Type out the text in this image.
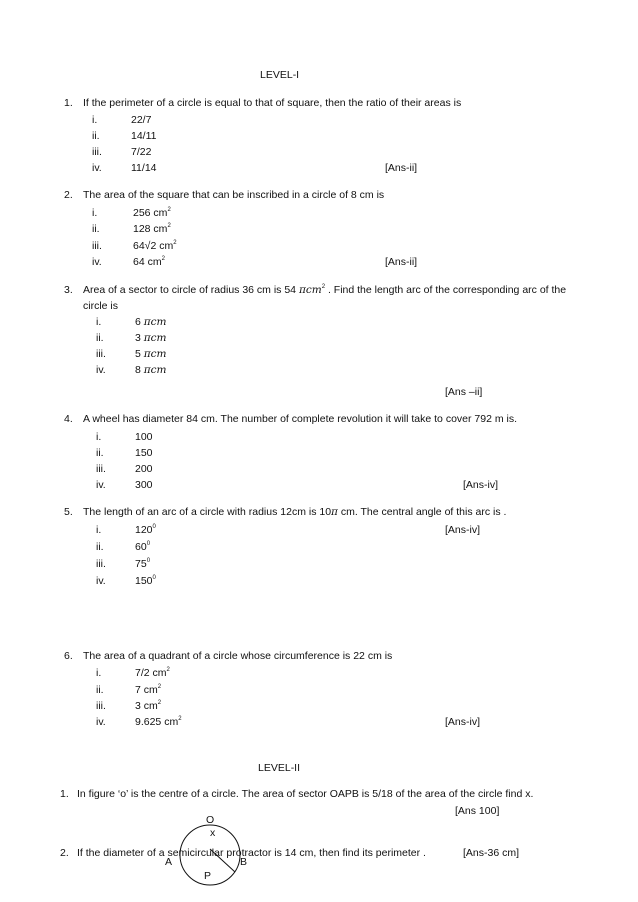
LEVEL-I
1. If the perimeter of a circle is equal to that of square, then the ratio of their areas is
i.	22/7
ii.	14/11
iii.	7/22
iv.	11/14	[Ans-ii]
2. The area of the square that can be inscribed in a circle of 8 cm is
i.	256 $cm^2$
ii.	128 $cm^2$
iii.	64√2 $cm^2$
iv.	64 $cm^2$	[Ans-ii]
3. Area of a sector to circle of radius 36 cm is 54 πcm$^2$ . Find the length arc of the corresponding arc of the
circle is
i.	6 πcm
ii.	3 πcm
iii.	5 πcm
iv.	8 πcm
[Ans –ii]
4. A wheel has diameter 84 cm. The number of complete revolution it will take to cover 792 m is.
i.	100
ii.	150
iii.	200
iv.	300	[Ans-iv]
5. The length of an arc of a circle with radius 12cm is 10π cm. The central angle of this arc is .
i.	$120^0$	[Ans-iv]
ii.	$60^0$
iii.	$75^0$
iv.	$150^0$
6. The area of a quadrant of a circle whose circumference is 22 cm is
i.	7/2 $cm^2$
ii.	7 $cm^2$
iii.	3 $cm^2$
iv.	9.625 $cm^2$	[Ans-iv]
LEVEL-II
1. In figure ‘o’ is the centre of a circle. The area of sector OAPB is 5/18 of the area of the circle find x.
[Ans 100]
O
x
A	B
P
2. If the diameter of a semicircular protractor is 14 cm, then find its perimeter .	[Ans-36 cm]
